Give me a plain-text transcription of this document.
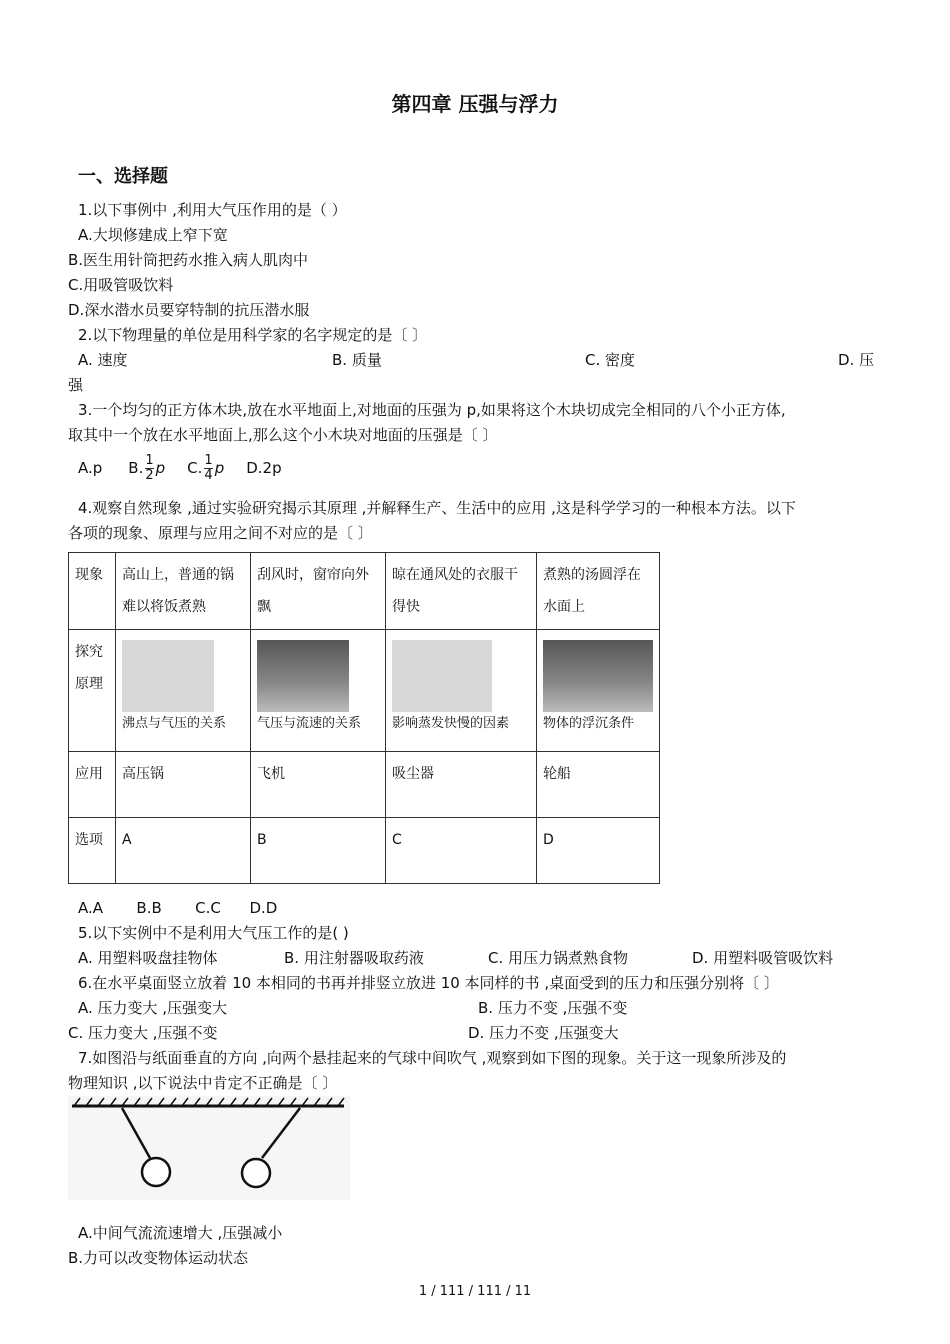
第四章 压强与浮力
一、选择题
1.以下事例中 ,利用大气压作用的是（ ）
A.大坝修建成上窄下宽
B.医生用针筒把药水推入病人肌肉中
C.用吸管吸饮料
D.深水潜水员要穿特制的抗压潜水服
2.以下物理量的单位是用科学家的名字规定的是〔 〕
A. 速度	B. 质量	C. 密度	D. 压
强
3.一个均匀的正方体木块,放在水平地面上,对地面的压强为 p,如果将这个木块切成完全相同的八个小正方体,
取其中一个放在水平地面上,那么这个小木块对地面的压强是〔 〕
A.p B. $\frac{1}{2}$ p C. $\frac{1}{4}$ p D.2p
4.观察自然现象 ,通过实验研究揭示其原理 ,并解释生产、生活中的应用 ,这是科学学习的一种根本方法。以下
各项的现象、原理与应用之间不对应的是〔 〕
现象	高山上，普通的锅难以将饭煮熟	刮风时，窗帘向外飘	晾在通风处的衣服干得快	煮熟的汤圆浮在水面上
探究原理	沸点与气压的关系	气压与流速的关系	影响蒸发快慢的因素	物体的浮沉条件

应用	高压锅	飞机	吸尘器	轮船
选项	A	B	C	D
A.A       B.B       C.C      D.D
5.以下实例中不是利用大气压工作的是( )
A. 用塑料吸盘挂物体	B. 用注射器吸取药液	C. 用压力锅煮熟食物	D. 用塑料吸管吸饮料
6.在水平桌面竖立放着 10 本相同的书再并排竖立放进 10 本同样的书 ,桌面受到的压力和压强分别将〔 〕
A. 压力变大 ,压强变大	B. 压力不变 ,压强不变
C. 压力变大 ,压强不变	D. 压力不变 ,压强变大
7.如图沿与纸面垂直的方向 ,向两个悬挂起来的气球中间吹气 ,观察到如下图的现象。关于这一现象所涉及的
物理知识 ,以下说法中肯定不正确是〔 〕
A.中间气流流速增大 ,压强减小
B.力可以改变物体运动状态
1 / 111 / 111 / 11
